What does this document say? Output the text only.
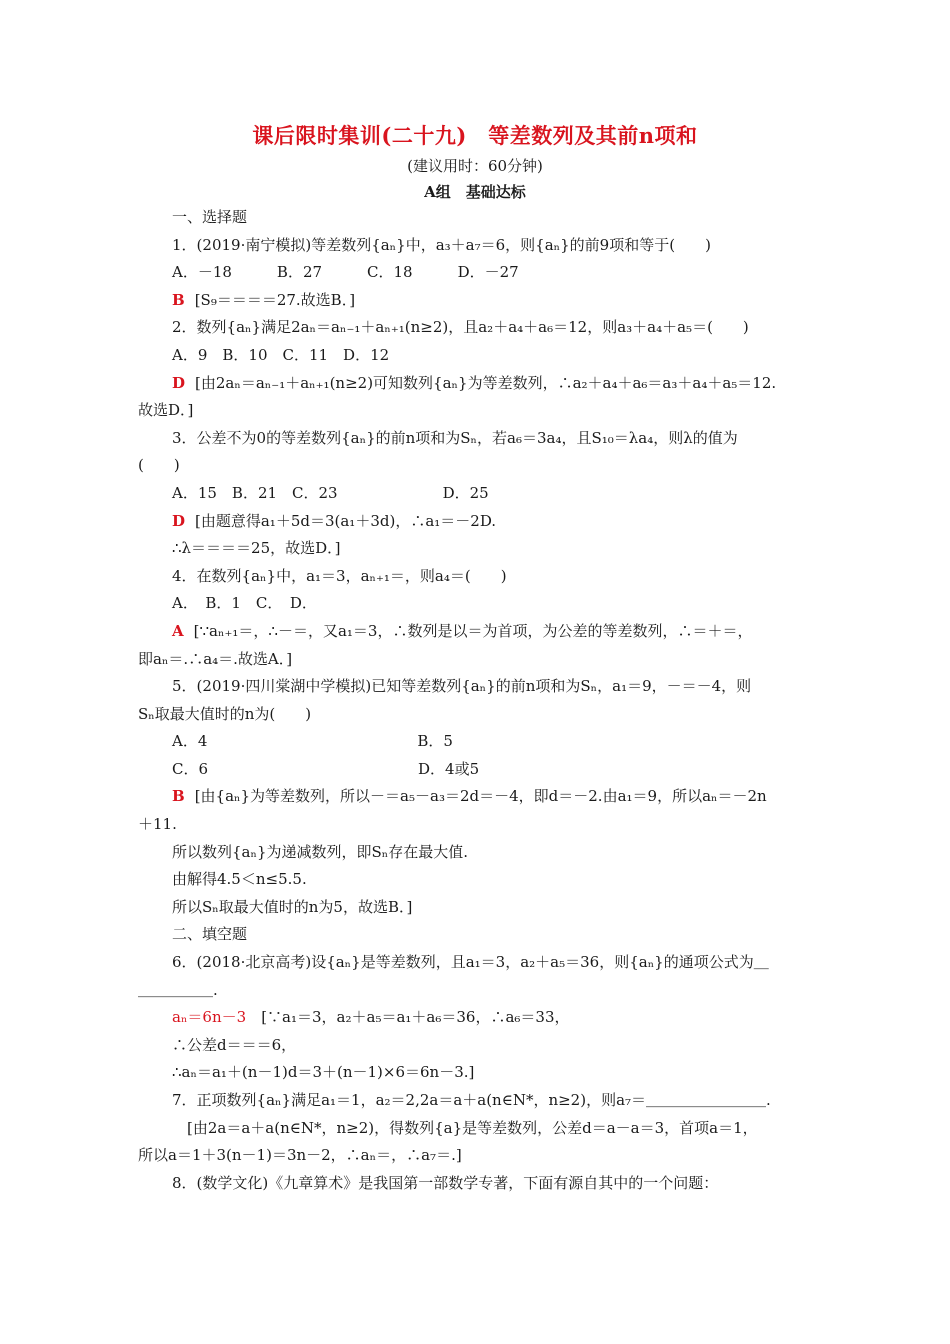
课后限时集训(二十九)　等差数列及其前n项和
(建议用时：60分钟)
A组　基础达标
一、选择题
1．(2019·南宁模拟)等差数列{aₙ}中，a₃＋a₇＝6，则{aₙ}的前9项和等于(　　)
A．－18　　　B．27　　　C．18　　　D．－27
B [S₉＝＝＝＝27.故选B．]
2．数列{aₙ}满足2aₙ＝aₙ₋₁＋aₙ₊₁(n≥2)，且a₂＋a₄＋a₆＝12，则a₃＋a₄＋a₅＝(　　)
A．9　B．10　C．11　D．12
D [由2aₙ＝aₙ₋₁＋aₙ₊₁(n≥2)可知数列{aₙ}为等差数列，∴a₂＋a₄＋a₆＝a₃＋a₄＋a₅＝12.
故选D．]
3．公差不为0的等差数列{aₙ}的前n项和为Sₙ，若a₆＝3a₄，且S₁₀＝λa₄，则λ的值为
(　　)
A．15　B．21　C．23　　　　　　　D．25
D [由题意得a₁＋5d＝3(a₁＋3d)，∴a₁＝－2D.
∴λ＝＝＝＝25，故选D．]
4．在数列{aₙ}中，a₁＝3，aₙ₊₁＝，则a₄＝(　　)
A．　B．1　C．　D．
A [∵aₙ₊₁＝，∴－＝，又a₁＝3，∴数列是以＝为首项，为公差的等差数列，∴＝＋＝，
即aₙ＝.∴a₄＝.故选A．]
5．(2019·四川棠湖中学模拟)已知等差数列{aₙ}的前n项和为Sₙ，a₁＝9，－＝－4，则
Sₙ取最大值时的n为(　　)
A．4　　　　　　　　　　　　　　B．5
C．6　　　　　　　　　　　　　　D．4或5
B [由{aₙ}为等差数列，所以－＝a₅－a₃＝2d＝－4，即d＝－2.由a₁＝9，所以aₙ＝－2n
＋11.
所以数列{aₙ}为递减数列，即Sₙ存在最大值.
由解得4.5＜n≤5.5.
所以Sₙ取最大值时的n为5，故选B．]
二、填空题
6．(2018·北京高考)设{aₙ}是等差数列，且a₁＝3，a₂＋a₅＝36，则{aₙ}的通项公式为＿
＿＿＿＿＿.
aₙ＝6n－3　[∵a₁＝3，a₂＋a₅＝a₁＋a₆＝36，∴a₆＝33，
∴公差d＝＝＝6，
∴aₙ＝a₁＋(n－1)d＝3＋(n－1)×6＝6n－3.]
7．正项数列{aₙ}满足a₁＝1，a₂＝2,2a＝a＋a(n∈N*，n≥2)，则a₇＝＿＿＿＿＿＿＿＿.
　[由2a＝a＋a(n∈N*，n≥2)，得数列{a}是等差数列，公差d＝a－a＝3，首项a＝1，
所以a＝1＋3(n－1)＝3n－2，∴aₙ＝，∴a₇＝.]
8．(数学文化)《九章算术》是我国第一部数学专著，下面有源自其中的一个问题：
